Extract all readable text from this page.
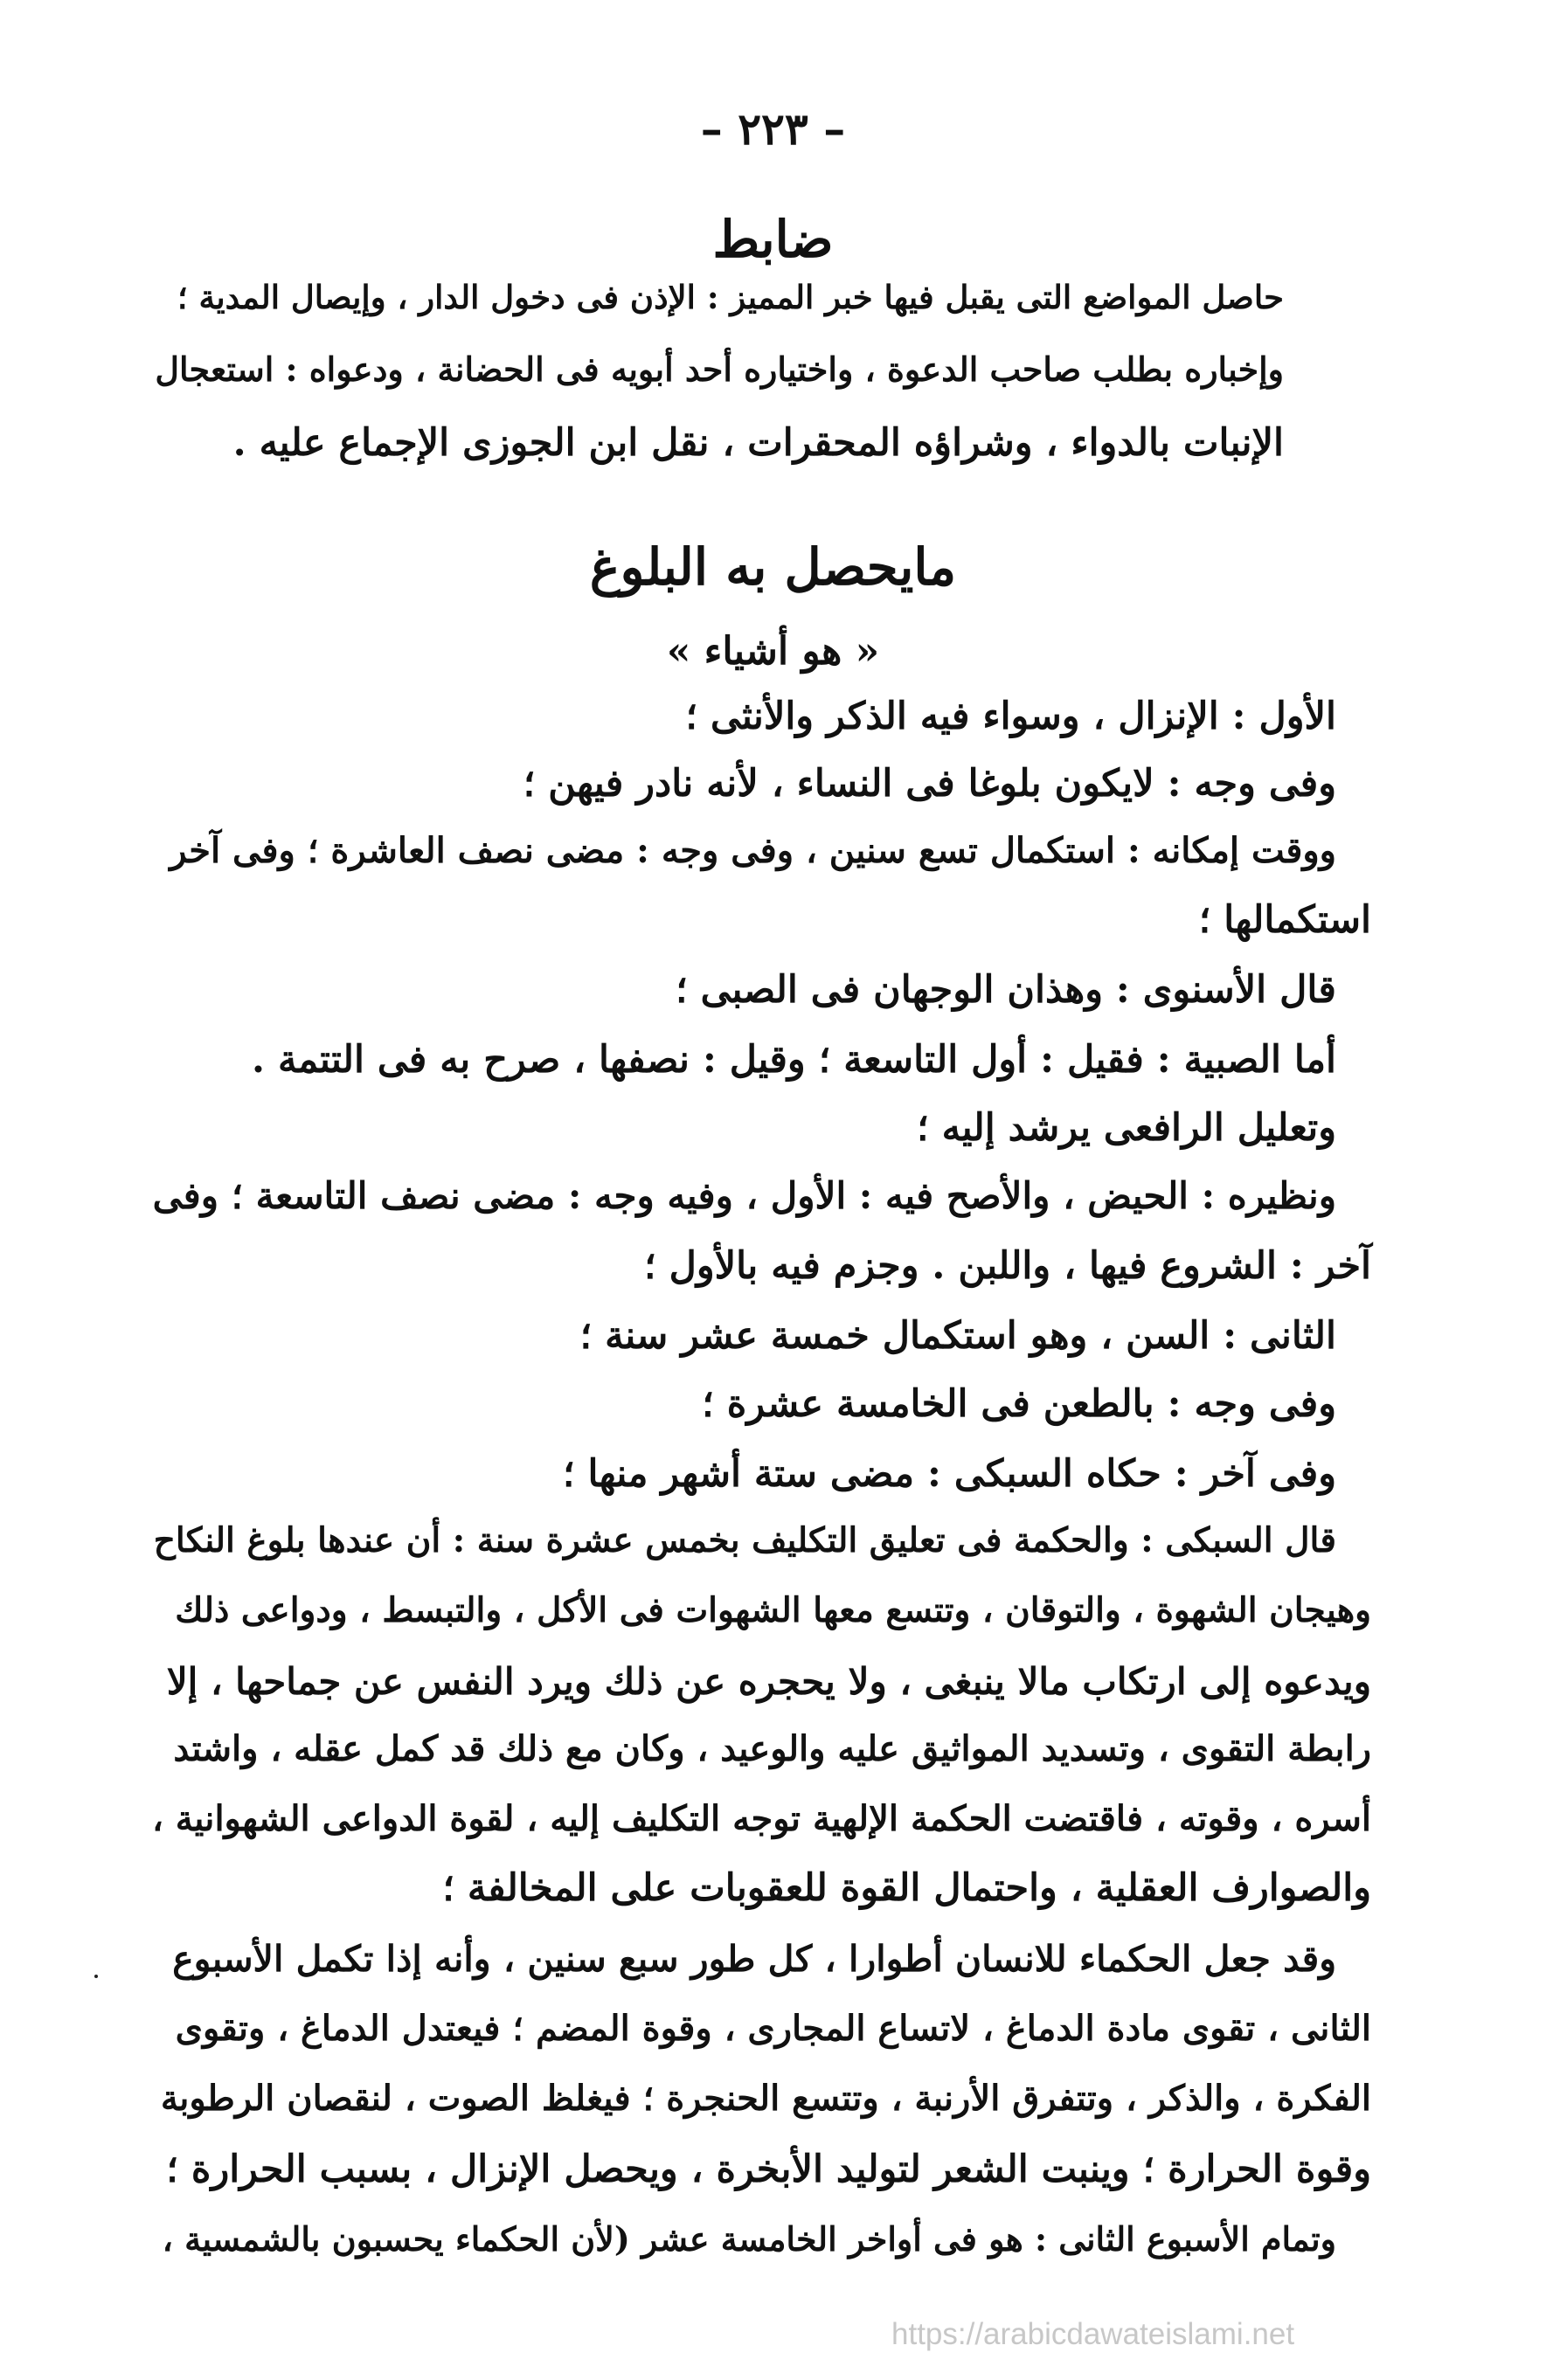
– ٢٢٣ –
ضابط
حاصل المواضع التى يقبل فيها خبر المميز : الإذن فى دخول الدار ، وإيصال المدية ؛
وإخباره بطلب صاحب الدعوة ، واختياره أحد أبويه فى الحضانة ، ودعواه : استعجال
الإنبات بالدواء ، وشراؤه المحقرات ، نقل ابن الجوزى الإجماع عليه .
مايحصل به البلوغ
« هو أشياء »
الأول : الإنزال ، وسواء فيه الذكر والأنثى ؛
وفى وجه : لايكون بلوغا فى النساء ، لأنه نادر فيهن ؛
ووقت إمكانه : استكمال تسع سنين ، وفى وجه : مضى نصف العاشرة ؛ وفى آخر
استكمالها ؛
قال الأسنوى : وهذان الوجهان فى الصبى ؛
أما الصبية : فقيل : أول التاسعة ؛ وقيل : نصفها ، صرح به فى التتمة .
وتعليل الرافعى يرشد إليه ؛
ونظيره : الحيض ، والأصح فيه : الأول ، وفيه وجه : مضى نصف التاسعة ؛ وفى
آخر : الشروع فيها ، واللبن . وجزم فيه بالأول ؛
الثانى : السن ، وهو استكمال خمسة عشر سنة ؛
وفى وجه : بالطعن فى الخامسة عشرة ؛
وفى آخر : حكاه السبكى : مضى ستة أشهر منها ؛
قال السبكى : والحكمة فى تعليق التكليف بخمس عشرة سنة : أن عندها بلوغ النكاح
وهيجان الشهوة ، والتوقان ، وتتسع معها الشهوات فى الأكل ، والتبسط ، ودواعى ذلك
ويدعوه إلى ارتكاب مالا ينبغى ، ولا يحجره عن ذلك ويرد النفس عن جماحها ، إلا
رابطة التقوى ، وتسديد المواثيق عليه والوعيد ، وكان مع ذلك قد كمل عقله ، واشتد
أسره ، وقوته ، فاقتضت الحكمة الإلهية توجه التكليف إليه ، لقوة الدواعى الشهوانية ،
والصوارف العقلية ، واحتمال القوة للعقوبات على المخالفة ؛
وقد جعل الحكماء للانسان أطوارا ، كل طور سبع سنين ، وأنه إذا تكمل الأسبوع
الثانى ، تقوى مادة الدماغ ، لاتساع المجارى ، وقوة المضم ؛ فيعتدل الدماغ ، وتقوى
الفكرة ، والذكر ، وتتفرق الأرنبة ، وتتسع الحنجرة ؛ فيغلظ الصوت ، لنقصان الرطوبة
وقوة الحرارة ؛ وينبت الشعر لتوليد الأبخرة ، ويحصل الإنزال ، بسبب الحرارة ؛
وتمام الأسبوع الثانى : هو فى أواخر الخامسة عشر (لأن الحكماء يحسبون بالشمسية ،
https://arabicdawateislami.net
